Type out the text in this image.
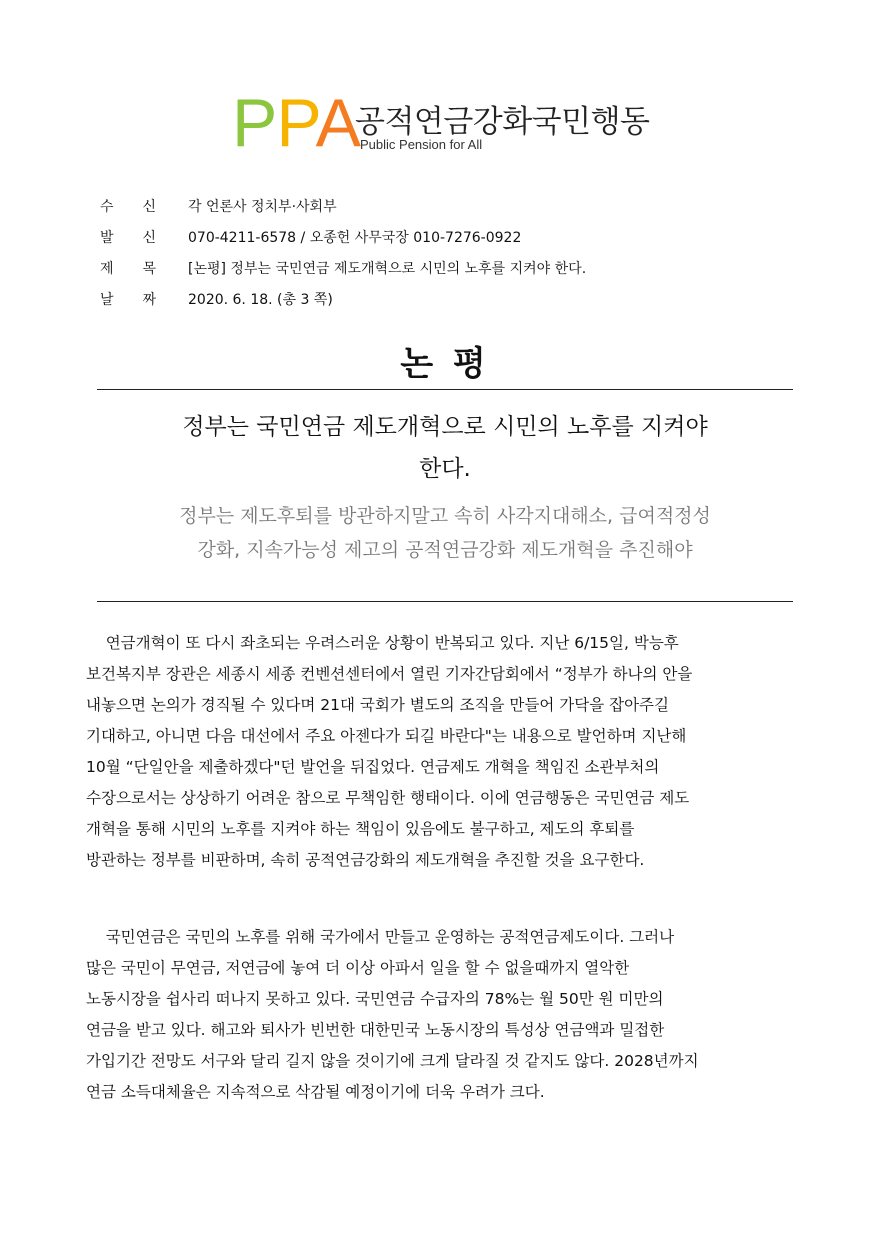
PPA
공적연금강화국민행동
Public Pension for All
수 신 각 언론사 정치부·사회부
발 신 070-4211-6578 / 오종헌 사무국장 010-7276-0922
제 목 [논평] 정부는 국민연금 제도개혁으로 시민의 노후를 지켜야 한다.
날 짜 2020. 6. 18. (총 3 쪽)
논 평
정부는 국민연금 제도개혁으로 시민의 노후를 지켜야
한다.
정부는 제도후퇴를 방관하지말고 속히 사각지대해소, 급여적정성
강화, 지속가능성 제고의 공적연금강화 제도개혁을 추진해야
연금개혁이 또 다시 좌초되는 우려스러운 상황이 반복되고 있다. 지난 6/15일, 박능후
보건복지부 장관은 세종시 세종 컨벤션센터에서 열린 기자간담회에서 “정부가 하나의 안을
내놓으면 논의가 경직될 수 있다며 21대 국회가 별도의 조직을 만들어 가닥을 잡아주길
기대하고, 아니면 다음 대선에서 주요 아젠다가 되길 바란다"는 내용으로 발언하며 지난해
10월 “단일안을 제출하겠다"던 발언을 뒤집었다. 연금제도 개혁을 책임진 소관부처의
수장으로서는 상상하기 어려운 참으로 무책임한 행태이다. 이에 연금행동은 국민연금 제도
개혁을 통해 시민의 노후를 지켜야 하는 책임이 있음에도 불구하고, 제도의 후퇴를
방관하는 정부를 비판하며, 속히 공적연금강화의 제도개혁을 추진할 것을 요구한다.
국민연금은 국민의 노후를 위해 국가에서 만들고 운영하는 공적연금제도이다. 그러나
많은 국민이 무연금, 저연금에 놓여 더 이상 아파서 일을 할 수 없을때까지 열악한
노동시장을 쉽사리 떠나지 못하고 있다. 국민연금 수급자의 78%는 월 50만 원 미만의
연금을 받고 있다. 해고와 퇴사가 빈번한 대한민국 노동시장의 특성상 연금액과 밀접한
가입기간 전망도 서구와 달리 길지 않을 것이기에 크게 달라질 것 같지도 않다. 2028년까지
연금 소득대체율은 지속적으로 삭감될 예정이기에 더욱 우려가 크다.
